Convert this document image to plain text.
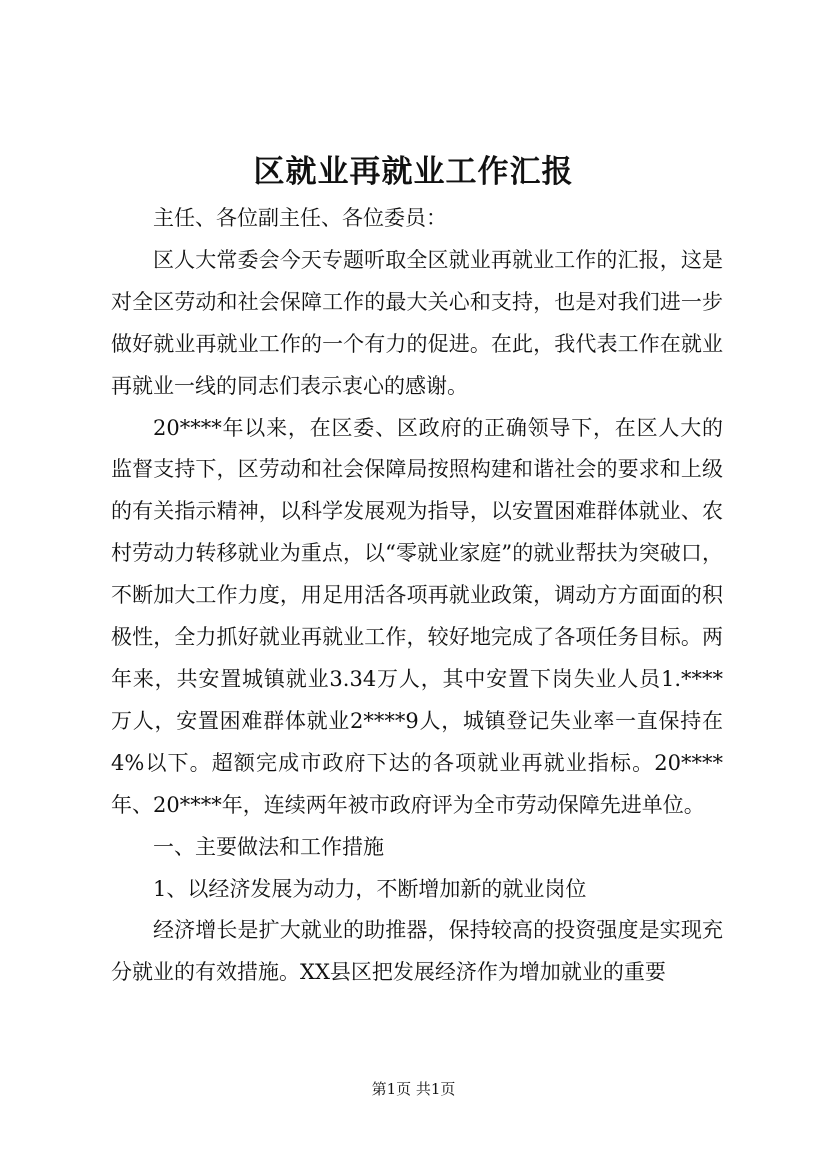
区就业再就业工作汇报

主任、各位副主任、各位委员：

区人大常委会今天专题听取全区就业再就业工作的汇报，这是对全区劳动和社会保障工作的最大关心和支持，也是对我们进一步做好就业再就业工作的一个有力的促进。在此，我代表工作在就业再就业一线的同志们表示衷心的感谢。

20****年以来，在区委、区政府的正确领导下，在区人大的监督支持下，区劳动和社会保障局按照构建和谐社会的要求和上级的有关指示精神，以科学发展观为指导，以安置困难群体就业、农村劳动力转移就业为重点，以“零就业家庭”的就业帮扶为突破口，不断加大工作力度，用足用活各项再就业政策，调动方方面面的积极性，全力抓好就业再就业工作，较好地完成了各项任务目标。两年来，共安置城镇就业3.34万人，其中安置下岗失业人员1.****万人，安置困难群体就业2****9人，城镇登记失业率一直保持在4%以下。超额完成市政府下达的各项就业再就业指标。20****年、20****年，连续两年被市政府评为全市劳动保障先进单位。

一、主要做法和工作措施

1、以经济发展为动力，不断增加新的就业岗位

经济增长是扩大就业的助推器，保持较高的投资强度是实现充分就业的有效措施。XX县区把发展经济作为增加就业的重要

第1页 共1页
